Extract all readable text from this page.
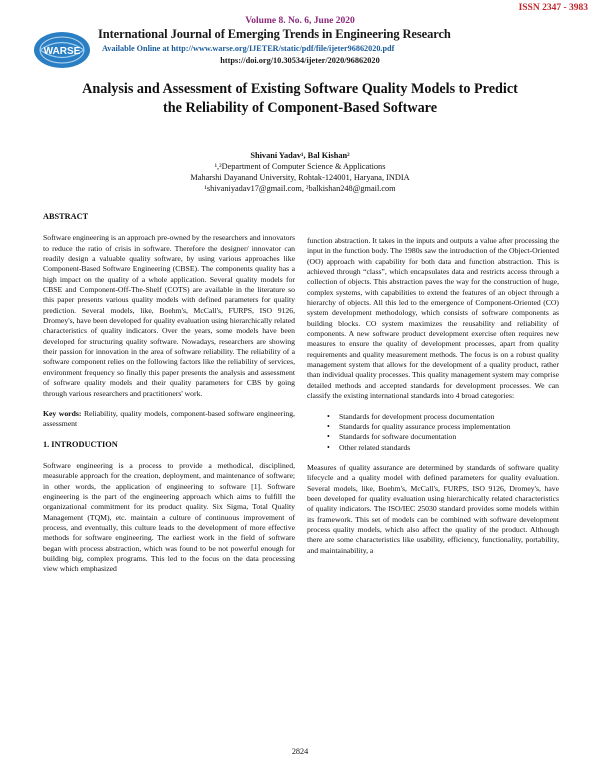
ISSN 2347 - 3983
WARSE
Volume 8. No. 6, June 2020
International Journal of Emerging Trends in Engineering Research
Available Online at http://www.warse.org/IJETER/static/pdf/file/ijeter96862020.pdf
https://doi.org/10.30534/ijeter/2020/96862020
Analysis and Assessment of Existing Software Quality Models to Predict the Reliability of Component-Based Software
Shivani Yadav¹, Bal Kishan²
¹,²Department of Computer Science & Applications
Maharshi Dayanand University, Rohtak-124001, Haryana, INDIA
¹shivaniyadav17@gmail.com, ²balkishan248@gmail.com
ABSTRACT

Software engineering is an approach pre-owned by the researchers and innovators to reduce the ratio of crisis in software. Therefore the designer/ innovator can readily design a valuable quality software, by using various approaches like Component-Based Software Engineering (CBSE). The components quality has a high impact on the quality of a whole application. Several quality models for CBSE and Component-Off-The-Shelf (COTS) are available in the literature so this paper presents various quality models with defined parameters for quality prediction. Several models, like, Boehm's, McCall's, FURPS, ISO 9126, Dromey's, have been developed for quality evaluation using hierarchically related characteristics of quality indicators. Over the years, some models have been developed for structuring quality software. Nowadays, researchers are showing their passion for innovation in the area of software reliability. The reliability of a software component relies on the following factors like the reliability of services, environment frequency so finally this paper presents the analysis and assessment of software quality models and their quality parameters for CBS by going through various researchers and practitioners' work.

Key words: Reliability, quality models, component-based software engineering, assessment

1. INTRODUCTION

Software engineering is a process to provide a methodical, disciplined, measurable approach for the creation, deployment, and maintenance of software; in other words, the application of engineering to software [1]. Software engineering is the part of the engineering approach which aims to fulfill the organizational commitment for its product quality. Six Sigma, Total Quality Management (TQM), etc. maintain a culture of continuous improvement of process, and eventually, this culture leads to the development of more effective methods for software engineering. The earliest work in the field of software began with process abstraction, which was found to be not powerful enough for building big, complex programs. This led to the focus on the data processing view which emphasized

function abstraction. It takes in the inputs and outputs a value after processing the input in the function body. The 1980s saw the introduction of the Object-Oriented (OO) approach with capability for both data and function abstraction. This is achieved through “class”, which encapsulates data and restricts access through a collection of objects. This abstraction paves the way for the construction of huge, complex systems, with capabilities to extend the features of an object through a hierarchy of objects. All this led to the emergence of Component-Oriented (CO) system development methodology, which consists of software components as building blocks. CO system maximizes the reusability and reliability of components. A new software product development exercise often requires new measures to ensure the quality of development processes, apart from quality requirements and quality measurement methods. The focus is on a robust quality management system that allows for the development of a quality product, rather than individual quality processes. This quality management system may comprise detailed methods and accepted standards for development processes. We can classify the existing international standards into 4 broad categories:

• Standards for development process documentation
• Standards for quality assurance process implementation
• Standards for software documentation
• Other related standards

Measures of quality assurance are determined by standards of software quality lifecycle and a quality model with defined parameters for quality evaluation. Several models, like, Boehm's, McCall's, FURPS, ISO 9126, Dromey's, have been developed for quality evaluation using hierarchically related characteristics of quality indicators. The ISO/IEC 25030 standard provides some models within its framework. This set of models can be combined with software development process quality models, which also affect the quality of the product. Although there are some characteristics like usability, efficiency, functionality, portability, and maintainability, a

2824
